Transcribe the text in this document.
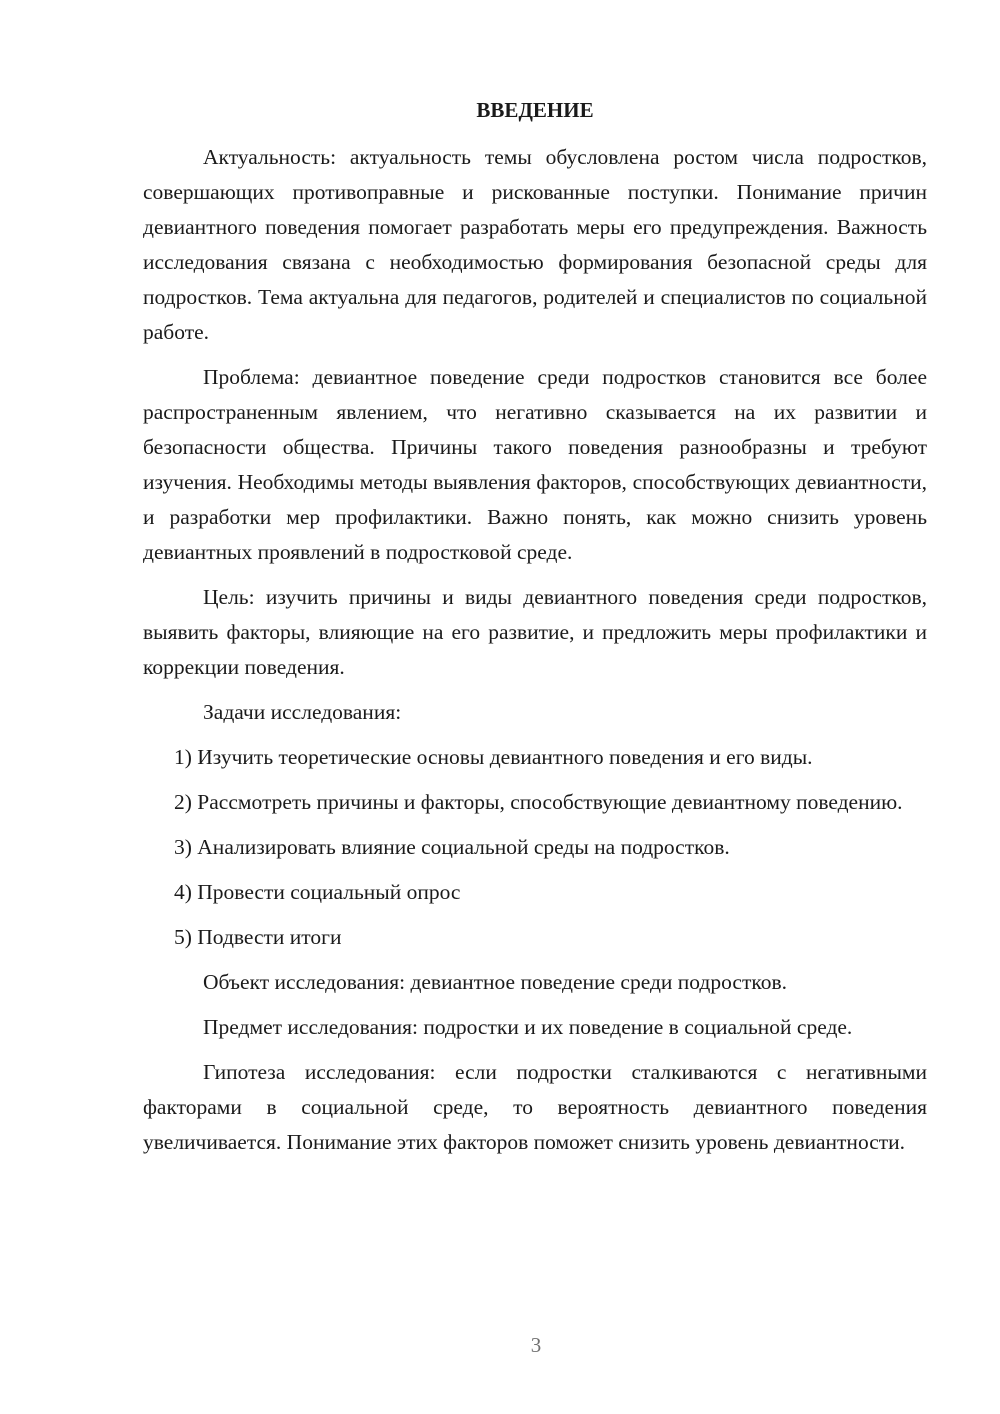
ВВЕДЕНИЕ
Актуальность: актуальность темы обусловлена ростом числа подростков, совершающих противоправные и рискованные поступки. Понимание причин девиантного поведения помогает разработать меры его предупреждения. Важность исследования связана с необходимостью формирования безопасной среды для подростков. Тема актуальна для педагогов, родителей и специалистов по социальной работе.
Проблема: девиантное поведение среди подростков становится все более распространенным явлением, что негативно сказывается на их развитии и безопасности общества. Причины такого поведения разнообразны и требуют изучения. Необходимы методы выявления факторов, способствующих девиантности, и разработки мер профилактики. Важно понять, как можно снизить уровень девиантных проявлений в подростковой среде.
Цель: изучить причины и виды девиантного поведения среди подростков, выявить факторы, влияющие на его развитие, и предложить меры профилактики и коррекции поведения.
Задачи исследования:
1) Изучить теоретические основы девиантного поведения и его виды.
2) Рассмотреть причины и факторы, способствующие девиантному поведению.
3) Анализировать влияние социальной среды на подростков.
4) Провести социальный опрос
5) Подвести итоги
Объект исследования: девиантное поведение среди подростков.
Предмет исследования: подростки и их поведение в социальной среде.
Гипотеза исследования: если подростки сталкиваются с негативными факторами в социальной среде, то вероятность девиантного поведения увеличивается. Понимание этих факторов поможет снизить уровень девиантности.
3
